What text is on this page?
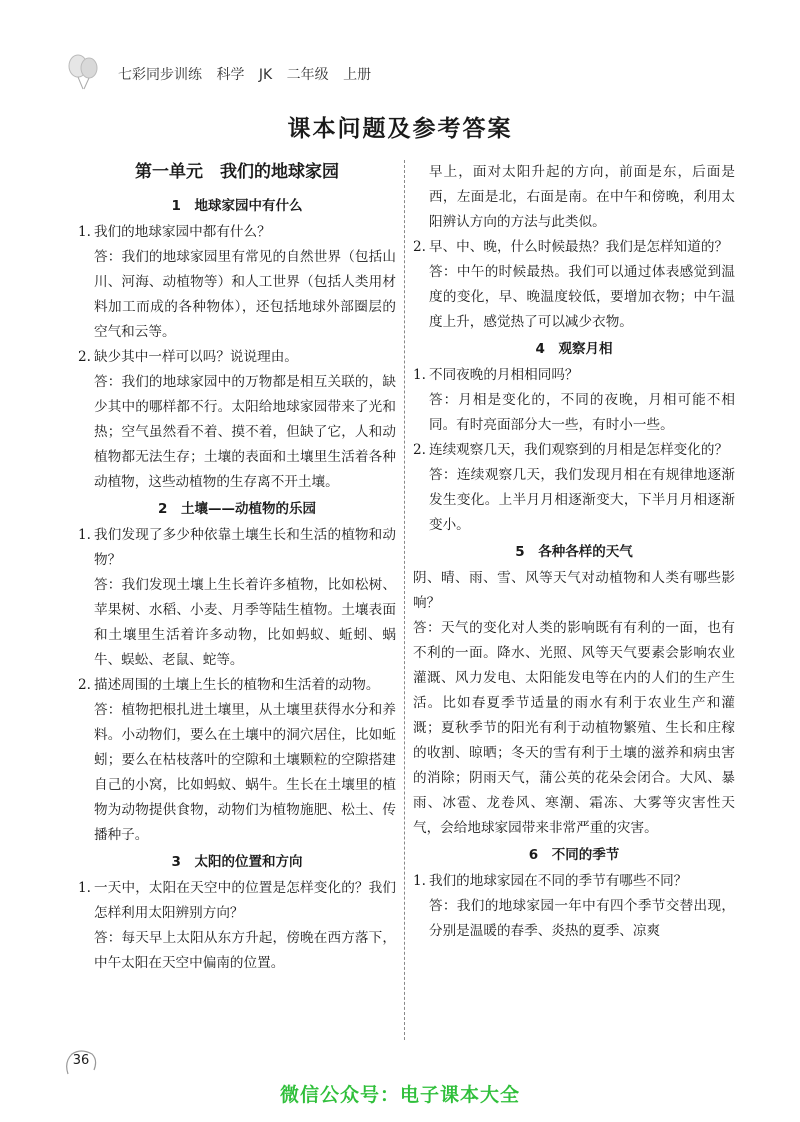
七彩同步训练 科学 JK 二年级 上册
课本问题及参考答案
第一单元　我们的地球家园
1　地球家园中有什么
1. 我们的地球家园中都有什么？
答：我们的地球家园里有常见的自然世界（包括山川、河海、动植物等）和人工世界（包括人类用材料加工而成的各种物体），还包括地球外部圈层的空气和云等。
2. 缺少其中一样可以吗？说说理由。
答：我们的地球家园中的万物都是相互关联的，缺少其中的哪样都不行。太阳给地球家园带来了光和热；空气虽然看不着、摸不着，但缺了它，人和动植物都无法生存；土壤的表面和土壤里生活着各种动植物，这些动植物的生存离不开土壤。
2　土壤——动植物的乐园
1. 我们发现了多少种依靠土壤生长和生活的植物和动物？
答：我们发现土壤上生长着许多植物，比如松树、苹果树、水稻、小麦、月季等陆生植物。土壤表面和土壤里生活着许多动物，比如蚂蚁、蚯蚓、蜗牛、蜈蚣、老鼠、蛇等。
2. 描述周围的土壤上生长的植物和生活着的动物。
答：植物把根扎进土壤里，从土壤里获得水分和养料。小动物们，要么在土壤中的洞穴居住，比如蚯蚓；要么在枯枝落叶的空隙和土壤颗粒的空隙搭建自己的小窝，比如蚂蚁、蜗牛。生长在土壤里的植物为动物提供食物，动物们为植物施肥、松土、传播种子。
3　太阳的位置和方向
1. 一天中，太阳在天空中的位置是怎样变化的？我们怎样利用太阳辨别方向？
答：每天早上太阳从东方升起，傍晚在西方落下，中午太阳在天空中偏南的位置。
早上，面对太阳升起的方向，前面是东，后面是西，左面是北，右面是南。在中午和傍晚，利用太阳辨认方向的方法与此类似。
2. 早、中、晚，什么时候最热？我们是怎样知道的？
答：中午的时候最热。我们可以通过体表感觉到温度的变化，早、晚温度较低，要增加衣物；中午温度上升，感觉热了可以减少衣物。
4　观察月相
1. 不同夜晚的月相相同吗？
答：月相是变化的，不同的夜晚，月相可能不相同。有时亮面部分大一些，有时小一些。
2. 连续观察几天，我们观察到的月相是怎样变化的？
答：连续观察几天，我们发现月相在有规律地逐渐发生变化。上半月月相逐渐变大，下半月月相逐渐变小。
5　各种各样的天气
阴、晴、雨、雪、风等天气对动植物和人类有哪些影响？
答：天气的变化对人类的影响既有有利的一面，也有不利的一面。降水、光照、风等天气要素会影响农业灌溉、风力发电、太阳能发电等在内的人们的生产生活。比如春夏季节适量的雨水有利于农业生产和灌溉；夏秋季节的阳光有利于动植物繁殖、生长和庄稼的收割、晾晒；冬天的雪有利于土壤的滋养和病虫害的消除；阴雨天气，蒲公英的花朵会闭合。大风、暴雨、冰雹、龙卷风、寒潮、霜冻、大雾等灾害性天气，会给地球家园带来非常严重的灾害。
6　不同的季节
1. 我们的地球家园在不同的季节有哪些不同？
答：我们的地球家园一年中有四个季节交替出现，分别是温暖的春季、炎热的夏季、凉爽
36
微信公众号：电子课本大全
